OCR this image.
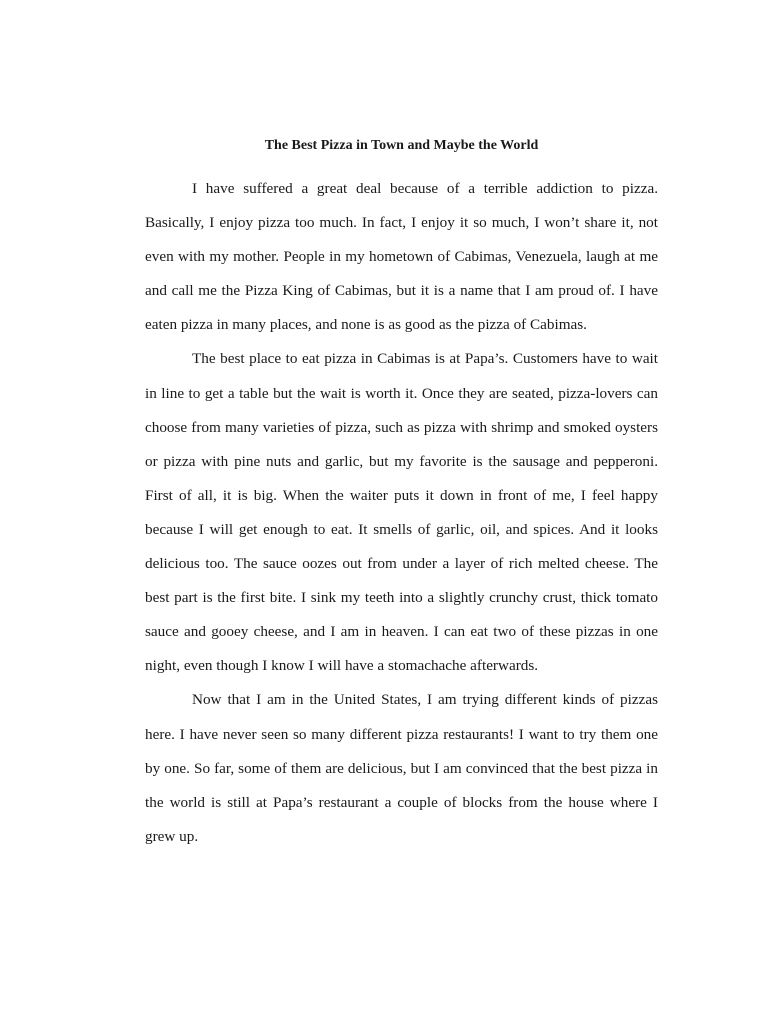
The Best Pizza in Town and Maybe the World

I have suffered a great deal because of a terrible addiction to pizza. Basically, I enjoy pizza too much. In fact, I enjoy it so much, I won’t share it, not even with my mother. People in my hometown of Cabimas, Venezuela, laugh at me and call me the Pizza King of Cabimas, but it is a name that I am proud of. I have eaten pizza in many places, and none is as good as the pizza of Cabimas.

The best place to eat pizza in Cabimas is at Papa’s. Customers have to wait in line to get a table but the wait is worth it. Once they are seated, pizza-lovers can choose from many varieties of pizza, such as pizza with shrimp and smoked oysters or pizza with pine nuts and garlic, but my favorite is the sausage and pepperoni. First of all, it is big. When the waiter puts it down in front of me, I feel happy because I will get enough to eat. It smells of garlic, oil, and spices. And it looks delicious too. The sauce oozes out from under a layer of rich melted cheese. The best part is the first bite. I sink my teeth into a slightly crunchy crust, thick tomato sauce and gooey cheese, and I am in heaven. I can eat two of these pizzas in one night, even though I know I will have a stomachache afterwards.

Now that I am in the United States, I am trying different kinds of pizzas here. I have never seen so many different pizza restaurants! I want to try them one by one. So far, some of them are delicious, but I am convinced that the best pizza in the world is still at Papa’s restaurant a couple of blocks from the house where I grew up.
